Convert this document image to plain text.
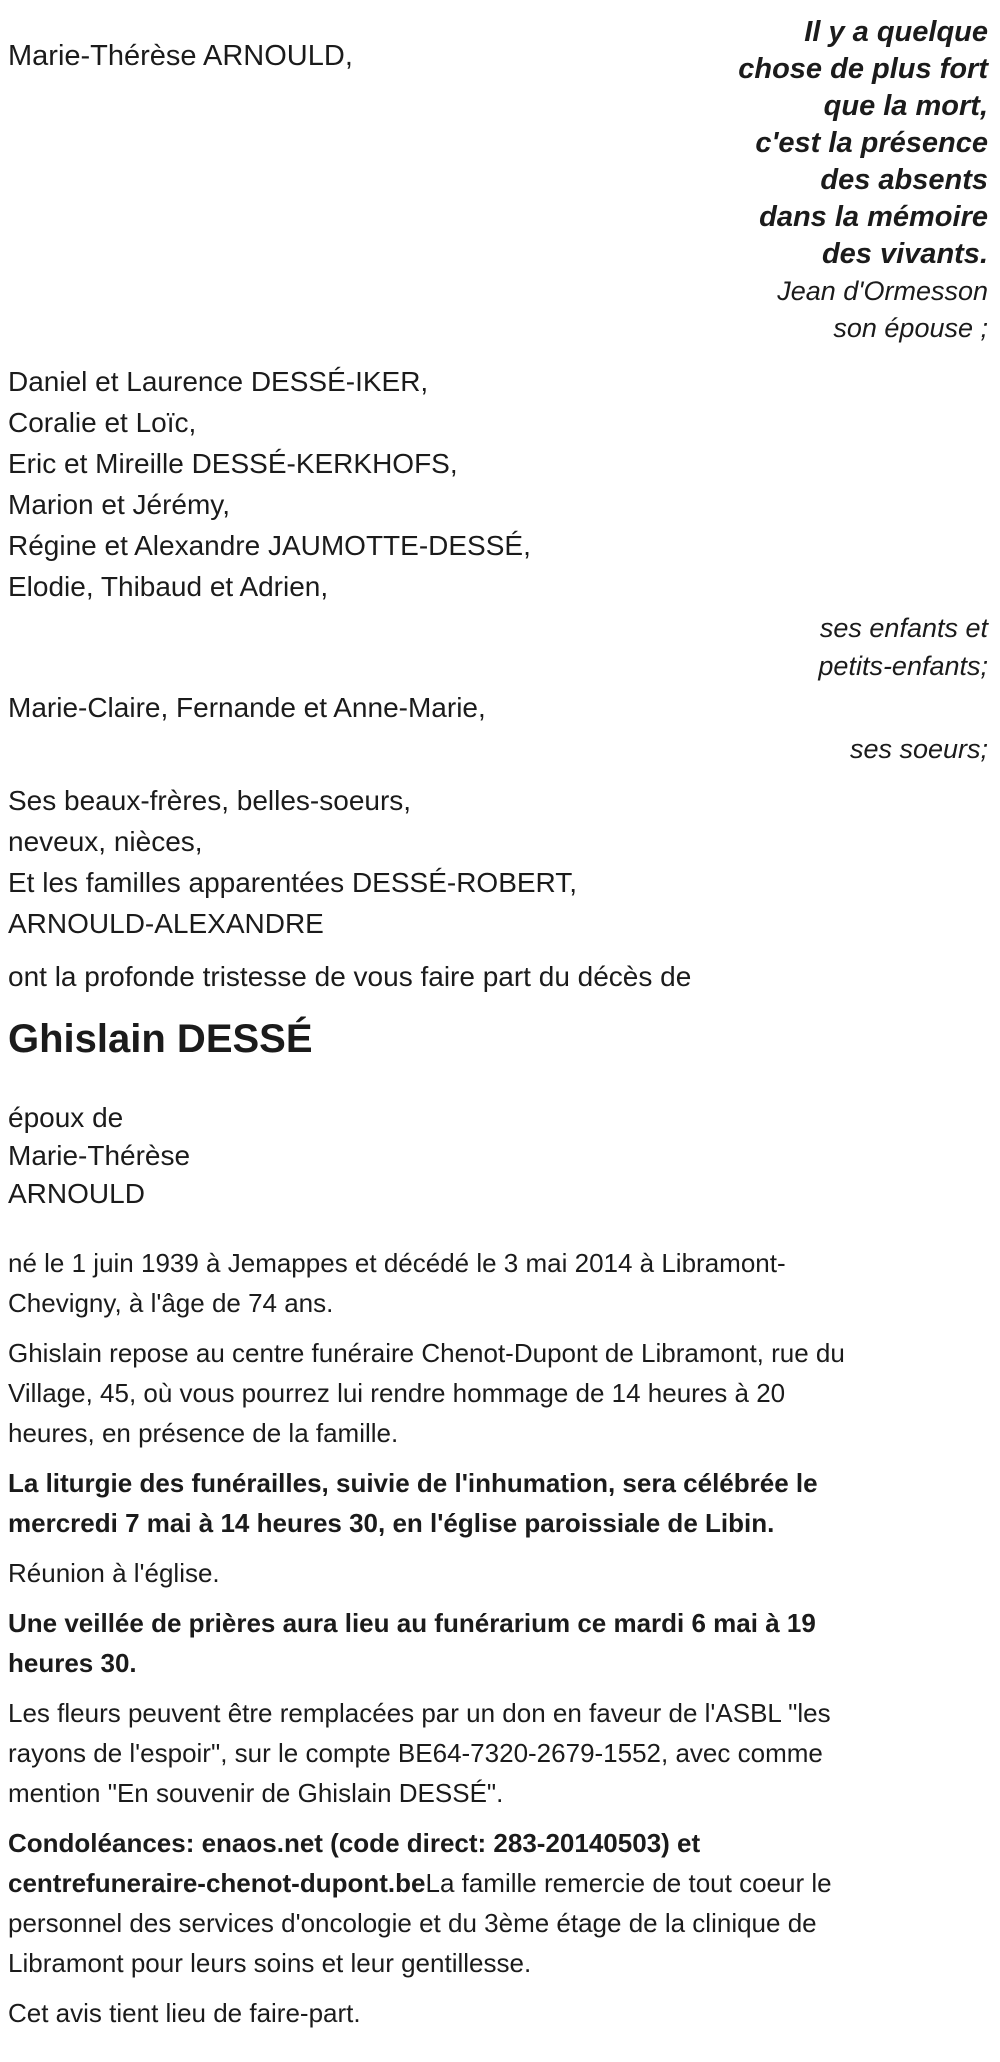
Marie-Thérèse ARNOULD,
Il y a quelque
chose de plus fort
que la mort,
c'est la présence
des absents
dans la mémoire
des vivants.
Jean d'Ormesson
son épouse ;
Daniel et Laurence DESSÉ-IKER,
Coralie et Loïc,
Eric et Mireille DESSÉ-KERKHOFS,
Marion et Jérémy,
Régine et Alexandre JAUMOTTE-DESSÉ,
Elodie, Thibaud et Adrien,
ses enfants et
petits-enfants;
Marie-Claire, Fernande et Anne-Marie,
ses soeurs;
Ses beaux-frères, belles-soeurs,
neveux, nièces,
Et les familles apparentées DESSÉ-ROBERT,
ARNOULD-ALEXANDRE
ont la profonde tristesse de vous faire part du décès de
Ghislain DESSÉ
époux de
Marie-Thérèse
ARNOULD

né le 1 juin 1939 à Jemappes et décédé le 3 mai 2014 à Libramont-
Chevigny, à l'âge de 74 ans.

Ghislain repose au centre funéraire Chenot-Dupont de Libramont, rue du
Village, 45, où vous pourrez lui rendre hommage de 14 heures à 20
heures, en présence de la famille.

La liturgie des funérailles, suivie de l'inhumation, sera célébrée le
mercredi 7 mai à 14 heures 30, en l'église paroissiale de Libin.

Réunion à l'église.

Une veillée de prières aura lieu au funérarium ce mardi 6 mai à 19
heures 30.

Les fleurs peuvent être remplacées par un don en faveur de l'ASBL "les
rayons de l'espoir", sur le compte BE64-7320-2679-1552, avec comme
mention "En souvenir de Ghislain DESSÉ".

Condoléances: enaos.net (code direct: 283-20140503) et
centrefuneraire-chenot-dupont.beLa famille remercie de tout coeur le
personnel des services d'oncologie et du 3ème étage de la clinique de
Libramont pour leurs soins et leur gentillesse.

Cet avis tient lieu de faire-part.
